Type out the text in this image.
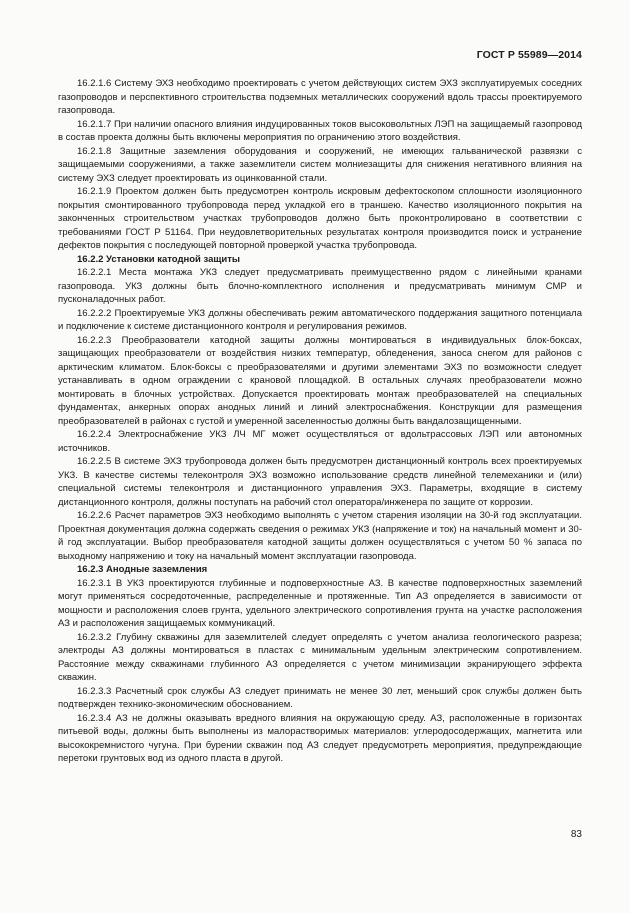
ГОСТ Р 55989—2014

16.2.1.6 Систему ЭХЗ необходимо проектировать с учетом действующих систем ЭХЗ эксплуатируемых соседних газопроводов и перспективного строительства подземных металлических сооружений вдоль трассы проектируемого газопровода.

16.2.1.7 При наличии опасного влияния индуцированных токов высоковольтных ЛЭП на защищаемый газопровод в состав проекта должны быть включены мероприятия по ограничению этого воздействия.

16.2.1.8 Защитные заземления оборудования и сооружений, не имеющих гальванической развязки с защищаемыми сооружениями, а также заземлители систем молниезащиты для снижения негативного влияния на систему ЭХЗ следует проектировать из оцинкованной стали.

16.2.1.9 Проектом должен быть предусмотрен контроль искровым дефектоскопом сплошности изоляционного покрытия смонтированного трубопровода перед укладкой его в траншею. Качество изоляционного покрытия на законченных строительством участках трубопроводов должно быть проконтролировано в соответствии с требованиями ГОСТ Р 51164. При неудовлетворительных результатах контроля производится поиск и устранение дефектов покрытия с последующей повторной проверкой участка трубопровода.

16.2.2 Установки катодной защиты

16.2.2.1 Места монтажа УКЗ следует предусматривать преимущественно рядом с линейными кранами газопровода. УКЗ должны быть блочно-комплектного исполнения и предусматривать минимум СМР и пусконаладочных работ.

16.2.2.2 Проектируемые УКЗ должны обеспечивать режим автоматического поддержания защитного потенциала и подключение к системе дистанционного контроля и регулирования режимов.

16.2.2.3 Преобразователи катодной защиты должны монтироваться в индивидуальных блок-боксах, защищающих преобразователи от воздействия низких температур, обледенения, заноса снегом для районов с арктическим климатом. Блок-боксы с преобразователями и другими элементами ЭХЗ по возможности следует устанавливать в одном ограждении с крановой площадкой. В остальных случаях преобразователи можно монтировать в блочных устройствах. Допускается проектировать монтаж преобразователей на специальных фундаментах, анкерных опорах анодных линий и линий электроснабжения. Конструкции для размещения преобразователей в районах с густой и умеренной заселенностью должны быть вандалозащищенными.

16.2.2.4 Электроснабжение УКЗ ЛЧ МГ может осуществляться от вдольтрассовых ЛЭП или автономных источников.

16.2.2.5 В системе ЭХЗ трубопровода должен быть предусмотрен дистанционный контроль всех проектируемых УКЗ. В качестве системы телеконтроля ЭХЗ возможно использование средств линейной телемеханики и (или) специальной системы телеконтроля и дистанционного управления ЭХЗ. Параметры, входящие в систему дистанционного контроля, должны поступать на рабочий стол оператора/инженера по защите от коррозии.

16.2.2.6 Расчет параметров ЭХЗ необходимо выполнять с учетом старения изоляции на 30-й год эксплуатации. Проектная документация должна содержать сведения о режимах УКЗ (напряжение и ток) на начальный момент и 30-й год эксплуатации. Выбор преобразователя катодной защиты должен осуществляться с учетом 50 % запаса по выходному напряжению и току на начальный момент эксплуатации газопровода.

16.2.3 Анодные заземления

16.2.3.1 В УКЗ проектируются глубинные и подповерхностные АЗ. В качестве подповерхностных заземлений могут применяться сосредоточенные, распределенные и протяженные. Тип АЗ определяется в зависимости от мощности и расположения слоев грунта, удельного электрического сопротивления грунта на участке расположения АЗ и расположения защищаемых коммуникаций.

16.2.3.2 Глубину скважины для заземлителей следует определять с учетом анализа геологического разреза; электроды АЗ должны монтироваться в пластах с минимальным удельным электрическим сопротивлением. Расстояние между скважинами глубинного АЗ определяется с учетом минимизации экранирующего эффекта скважин.

16.2.3.3 Расчетный срок службы АЗ следует принимать не менее 30 лет, меньший срок службы должен быть подтвержден технико-экономическим обоснованием.

16.2.3.4 АЗ не должны оказывать вредного влияния на окружающую среду. АЗ, расположенные в горизонтах питьевой воды, должны быть выполнены из малорастворимых материалов: углеродосодержащих, магнетита или высококремнистого чугуна. При бурении скважин под АЗ следует предусмотреть мероприятия, предупреждающие перетоки грунтовых вод из одного пласта в другой.

83
